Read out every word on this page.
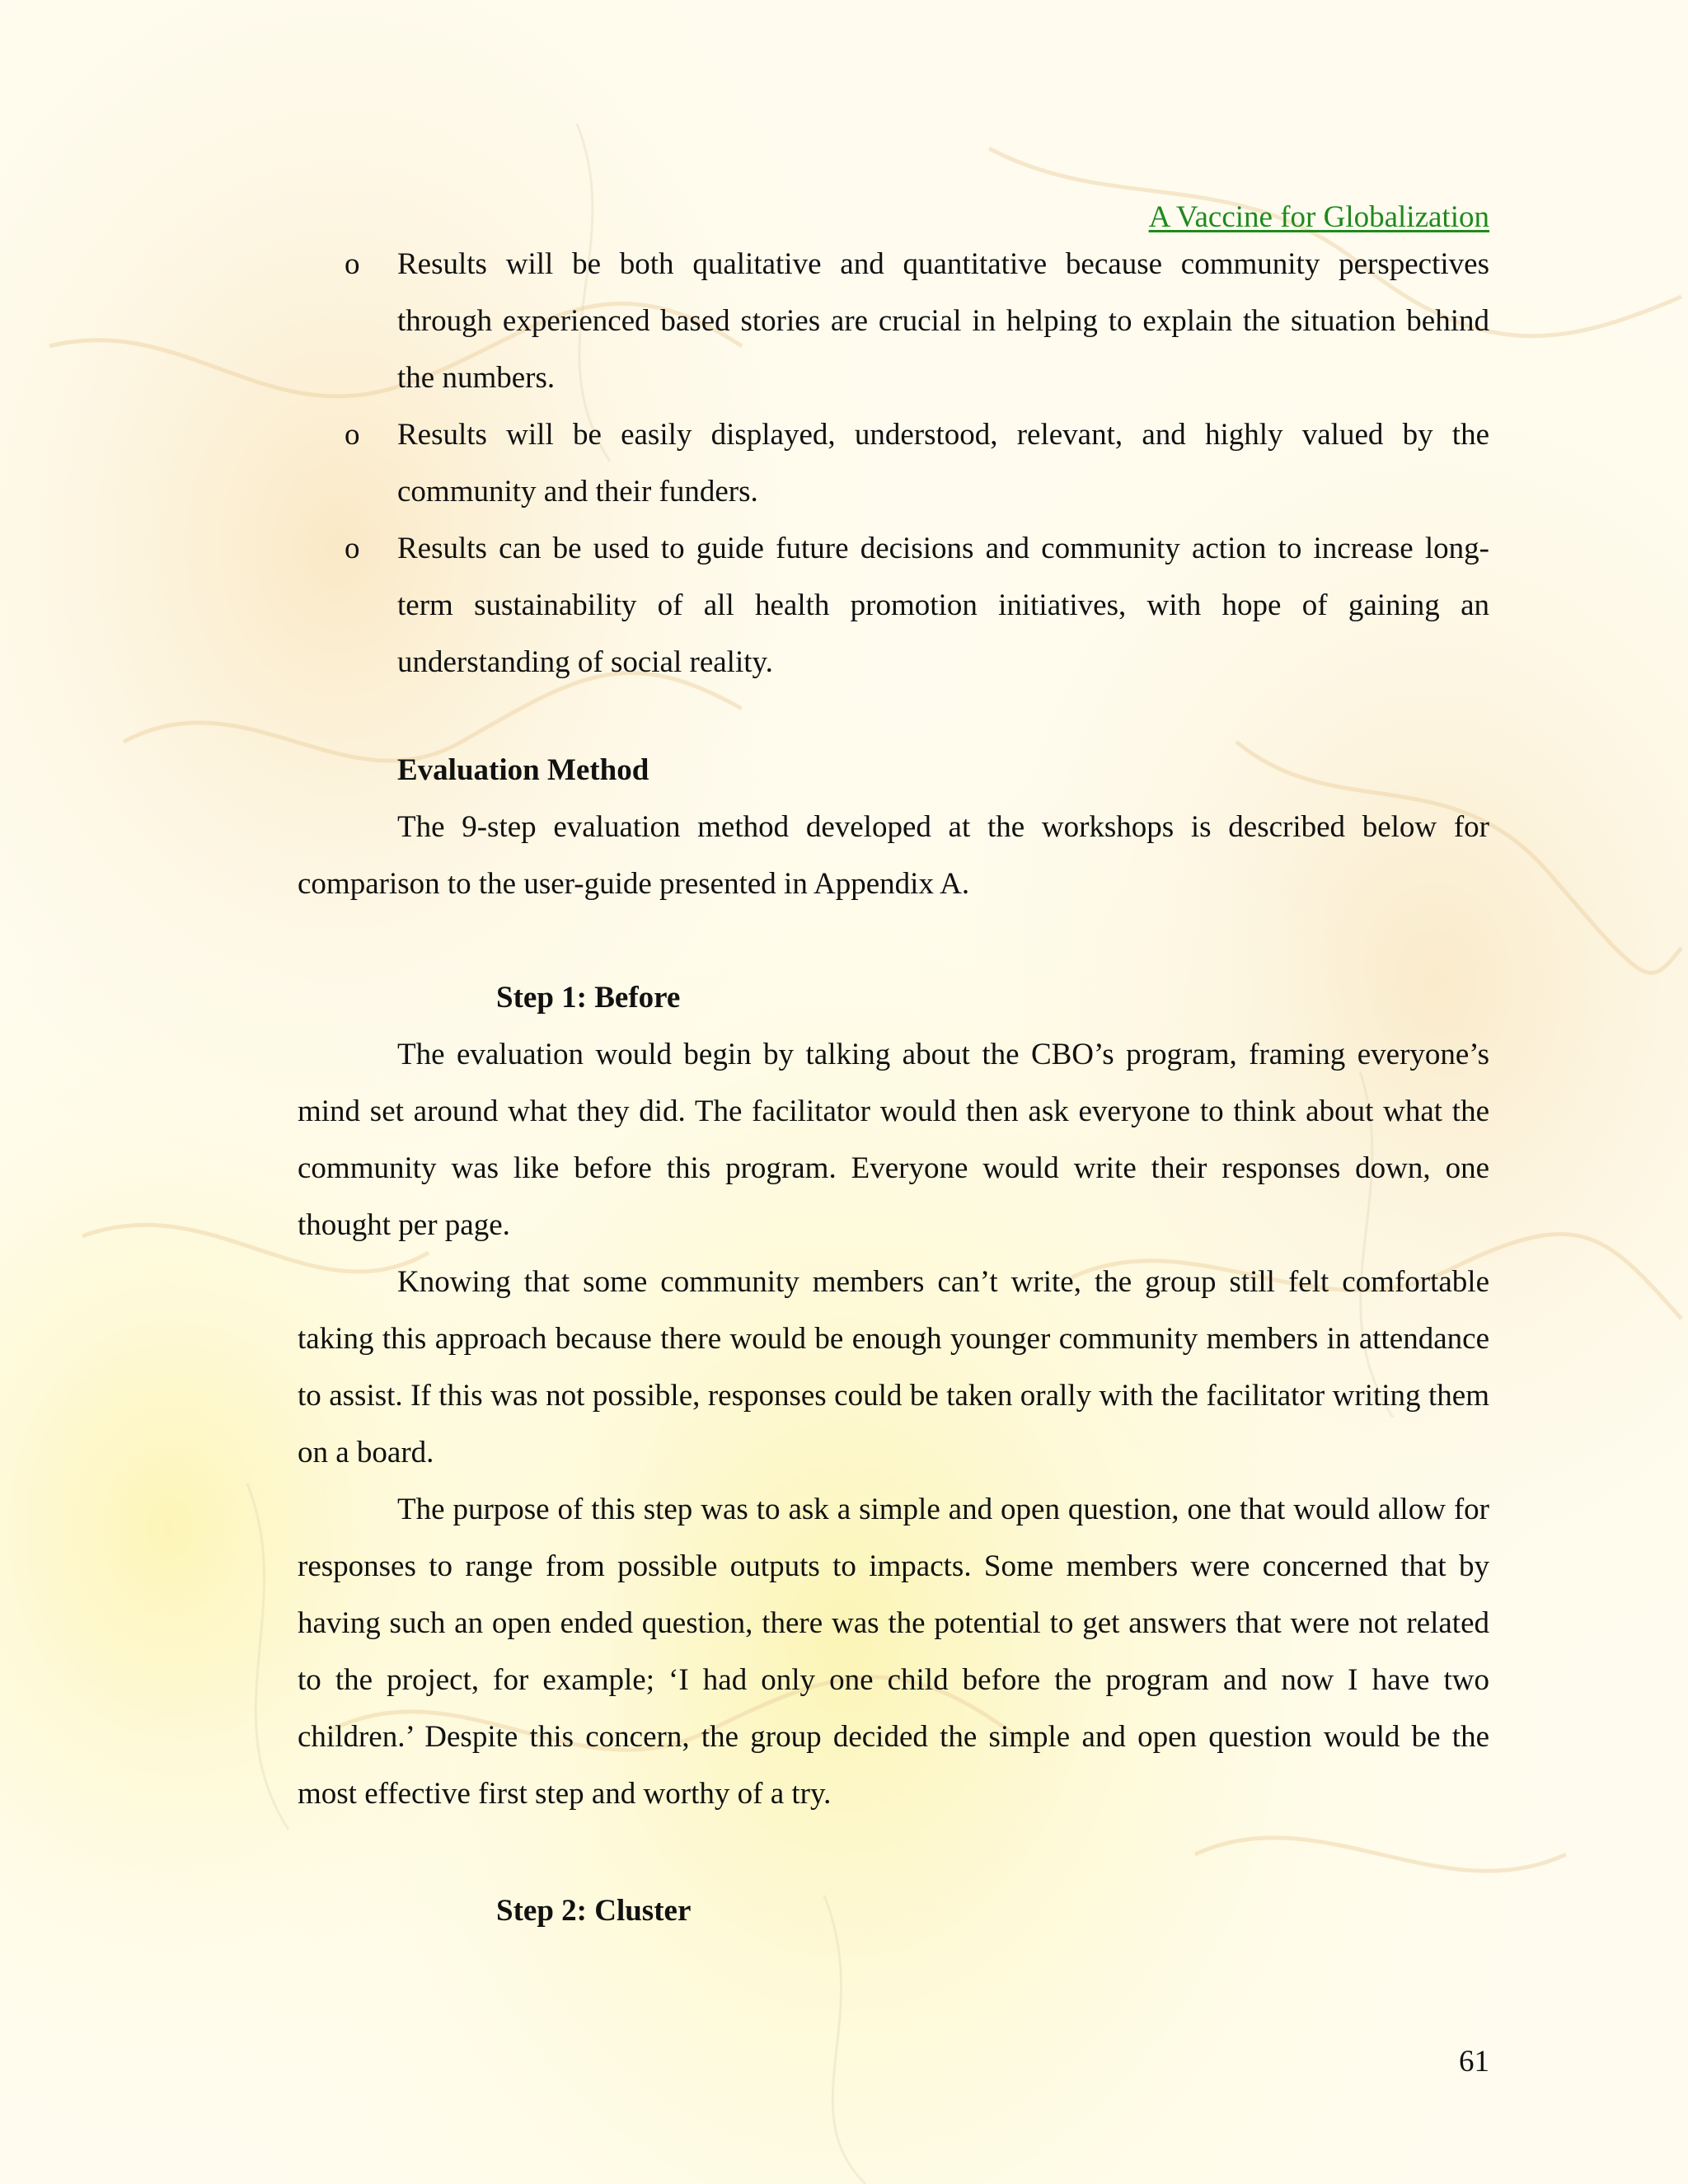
A Vaccine for Globalization
o Results will be both qualitative and quantitative because community perspectives through experienced based stories are crucial in helping to explain the situation behind the numbers.
o Results will be easily displayed, understood, relevant, and highly valued by the community and their funders.
o Results can be used to guide future decisions and community action to increase long-term sustainability of all health promotion initiatives, with hope of gaining an understanding of social reality.

Evaluation Method

The 9-step evaluation method developed at the workshops is described below for comparison to the user-guide presented in Appendix A.

Step 1: Before

The evaluation would begin by talking about the CBO’s program, framing everyone’s mind set around what they did. The facilitator would then ask everyone to think about what the community was like before this program. Everyone would write their responses down, one thought per page.

Knowing that some community members can’t write, the group still felt comfortable taking this approach because there would be enough younger community members in attendance to assist. If this was not possible, responses could be taken orally with the facilitator writing them on a board.

The purpose of this step was to ask a simple and open question, one that would allow for responses to range from possible outputs to impacts. Some members were concerned that by having such an open ended question, there was the potential to get answers that were not related to the project, for example; ‘I had only one child before the program and now I have two children.’ Despite this concern, the group decided the simple and open question would be the most effective first step and worthy of a try.

Step 2: Cluster

61
